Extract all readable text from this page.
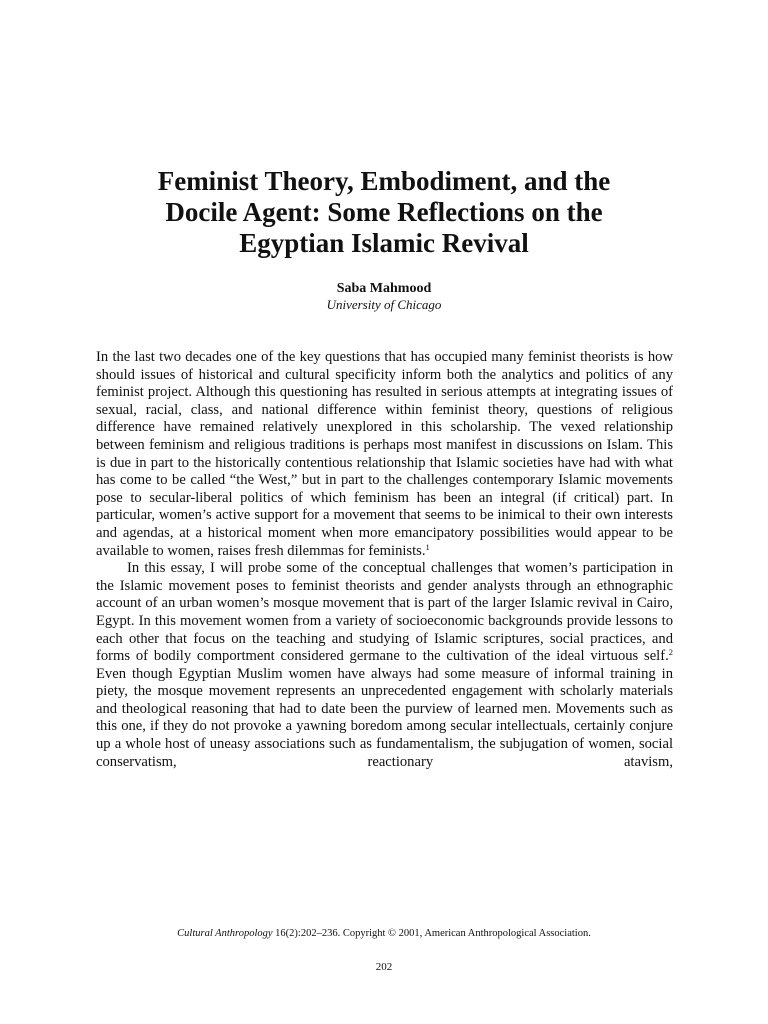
Feminist Theory, Embodiment, and the
Docile Agent: Some Reflections on the
Egyptian Islamic Revival
Saba Mahmood
University of Chicago

In the last two decades one of the key questions that has occupied many feminist theorists is how should issues of historical and cultural specificity inform both the analytics and politics of any feminist project. Although this questioning has resulted in serious attempts at integrating issues of sexual, racial, class, and national difference within feminist theory, questions of religious difference have remained relatively unexplored in this scholarship. The vexed relationship between feminism and religious traditions is perhaps most manifest in discussions on Islam. This is due in part to the historically contentious relationship that Islamic societies have had with what has come to be called “the West,” but in part to the challenges contemporary Islamic movements pose to secular-liberal politics of which feminism has been an integral (if critical) part. In particular, women’s active support for a movement that seems to be inimical to their own interests and agendas, at a historical moment when more emancipatory possibilities would appear to be available to women, raises fresh dilemmas for feminists.$^1$

In this essay, I will probe some of the conceptual challenges that women’s participation in the Islamic movement poses to feminist theorists and gender analysts through an ethnographic account of an urban women’s mosque movement that is part of the larger Islamic revival in Cairo, Egypt. In this movement women from a variety of socioeconomic backgrounds provide lessons to each other that focus on the teaching and studying of Islamic scriptures, social practices, and forms of bodily comportment considered germane to the cultivation of the ideal virtuous self.$^2$ Even though Egyptian Muslim women have always had some measure of informal training in piety, the mosque movement represents an unprecedented engagement with scholarly materials and theological reasoning that had to date been the purview of learned men. Movements such as this one, if they do not provoke a yawning boredom among secular intellectuals, certainly conjure up a whole host of uneasy associations such as fundamentalism, the subjugation of women, social conservatism, reactionary atavism,

Cultural Anthropology 16(2):202–236. Copyright © 2001, American Anthropological Association.
202
